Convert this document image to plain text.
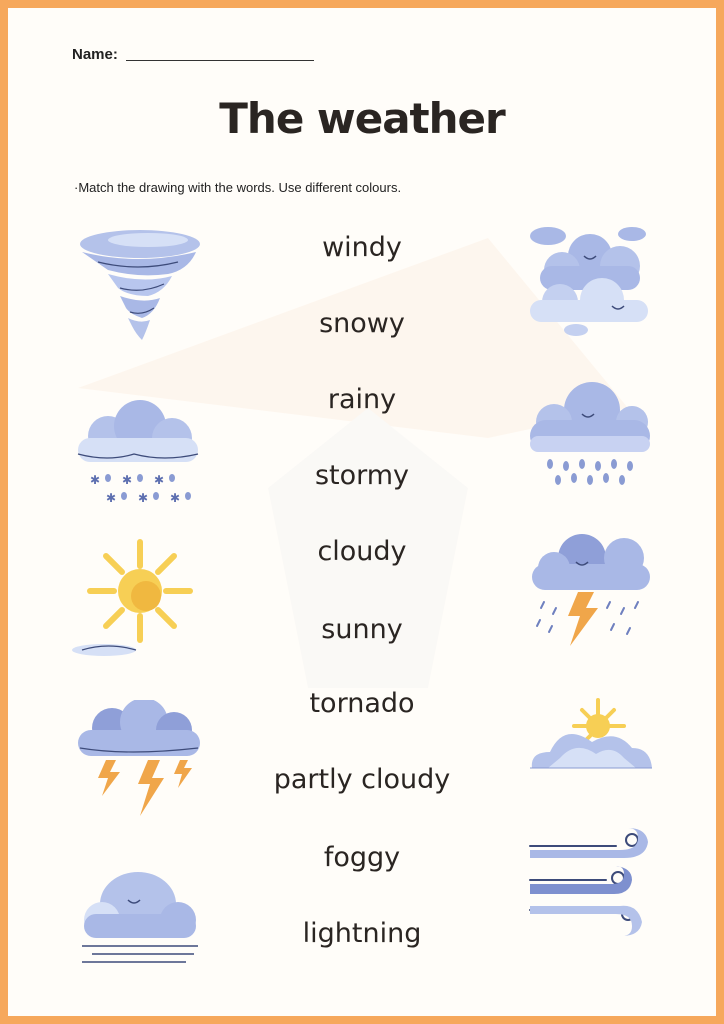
Name:
The weather
·Match the drawing with the words. Use different colours.
windy
snowy
rainy
stormy
cloudy
sunny
tornado
partly cloudy
foggy
lightning
✱ ✱ ✱
✱ ✱ ✱
